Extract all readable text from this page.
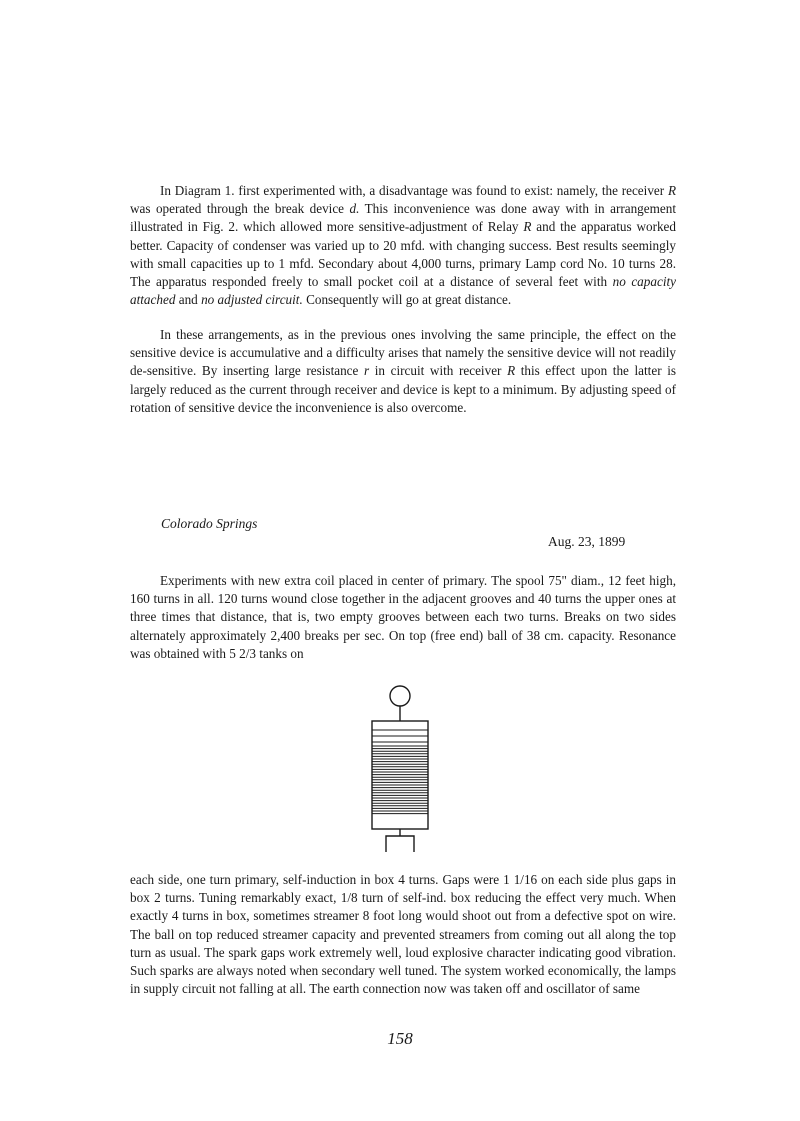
In Diagram 1. first experimented with, a disadvantage was found to exist: namely, the receiver R was operated through the break device d. This inconvenience was done away with in arrangement illustrated in Fig. 2. which allowed more sensitive-adjustment of Relay R and the apparatus worked better. Capacity of condenser was varied up to 20 mfd. with changing success. Best results seemingly with small capacities up to 1 mfd. Secondary about 4,000 turns, primary Lamp cord No. 10 turns 28. The apparatus responded freely to small pocket coil at a distance of several feet with no capacity attached and no adjusted circuit. Consequently will go at great distance.

In these arrangements, as in the previous ones involving the same principle, the effect on the sensitive device is accumulative and a difficulty arises that namely the sensitive device will not readily de-sensitive. By inserting large resistance r in circuit with receiver R this effect upon the latter is largely reduced as the current through receiver and device is kept to a minimum. By adjusting speed of rotation of sensitive device the inconvenience is also overcome.

Colorado Springs

Aug. 23, 1899

Experiments with new extra coil placed in center of primary. The spool 75" diam., 12 feet high, 160 turns in all. 120 turns wound close together in the adjacent grooves and 40 turns the upper ones at three times that distance, that is, two empty grooves between each two turns. Breaks on two sides alternately approximately 2,400 breaks per sec. On top (free end) ball of 38 cm. capacity. Resonance was obtained with 5 2/3 tanks on

each side, one turn primary, self-induction in box 4 turns. Gaps were 1 1/16 on each side plus gaps in box 2 turns. Tuning remarkably exact, 1/8 turn of self-ind. box reducing the effect very much. When exactly 4 turns in box, sometimes streamer 8 foot long would shoot out from a defective spot on wire. The ball on top reduced streamer capacity and prevented streamers from coming out all along the top turn as usual. The spark gaps work extremely well, loud explosive character indicating good vibration. Such sparks are always noted when secondary well tuned. The system worked economically, the lamps in supply circuit not falling at all. The earth connection now was taken off and oscillator of same

158
